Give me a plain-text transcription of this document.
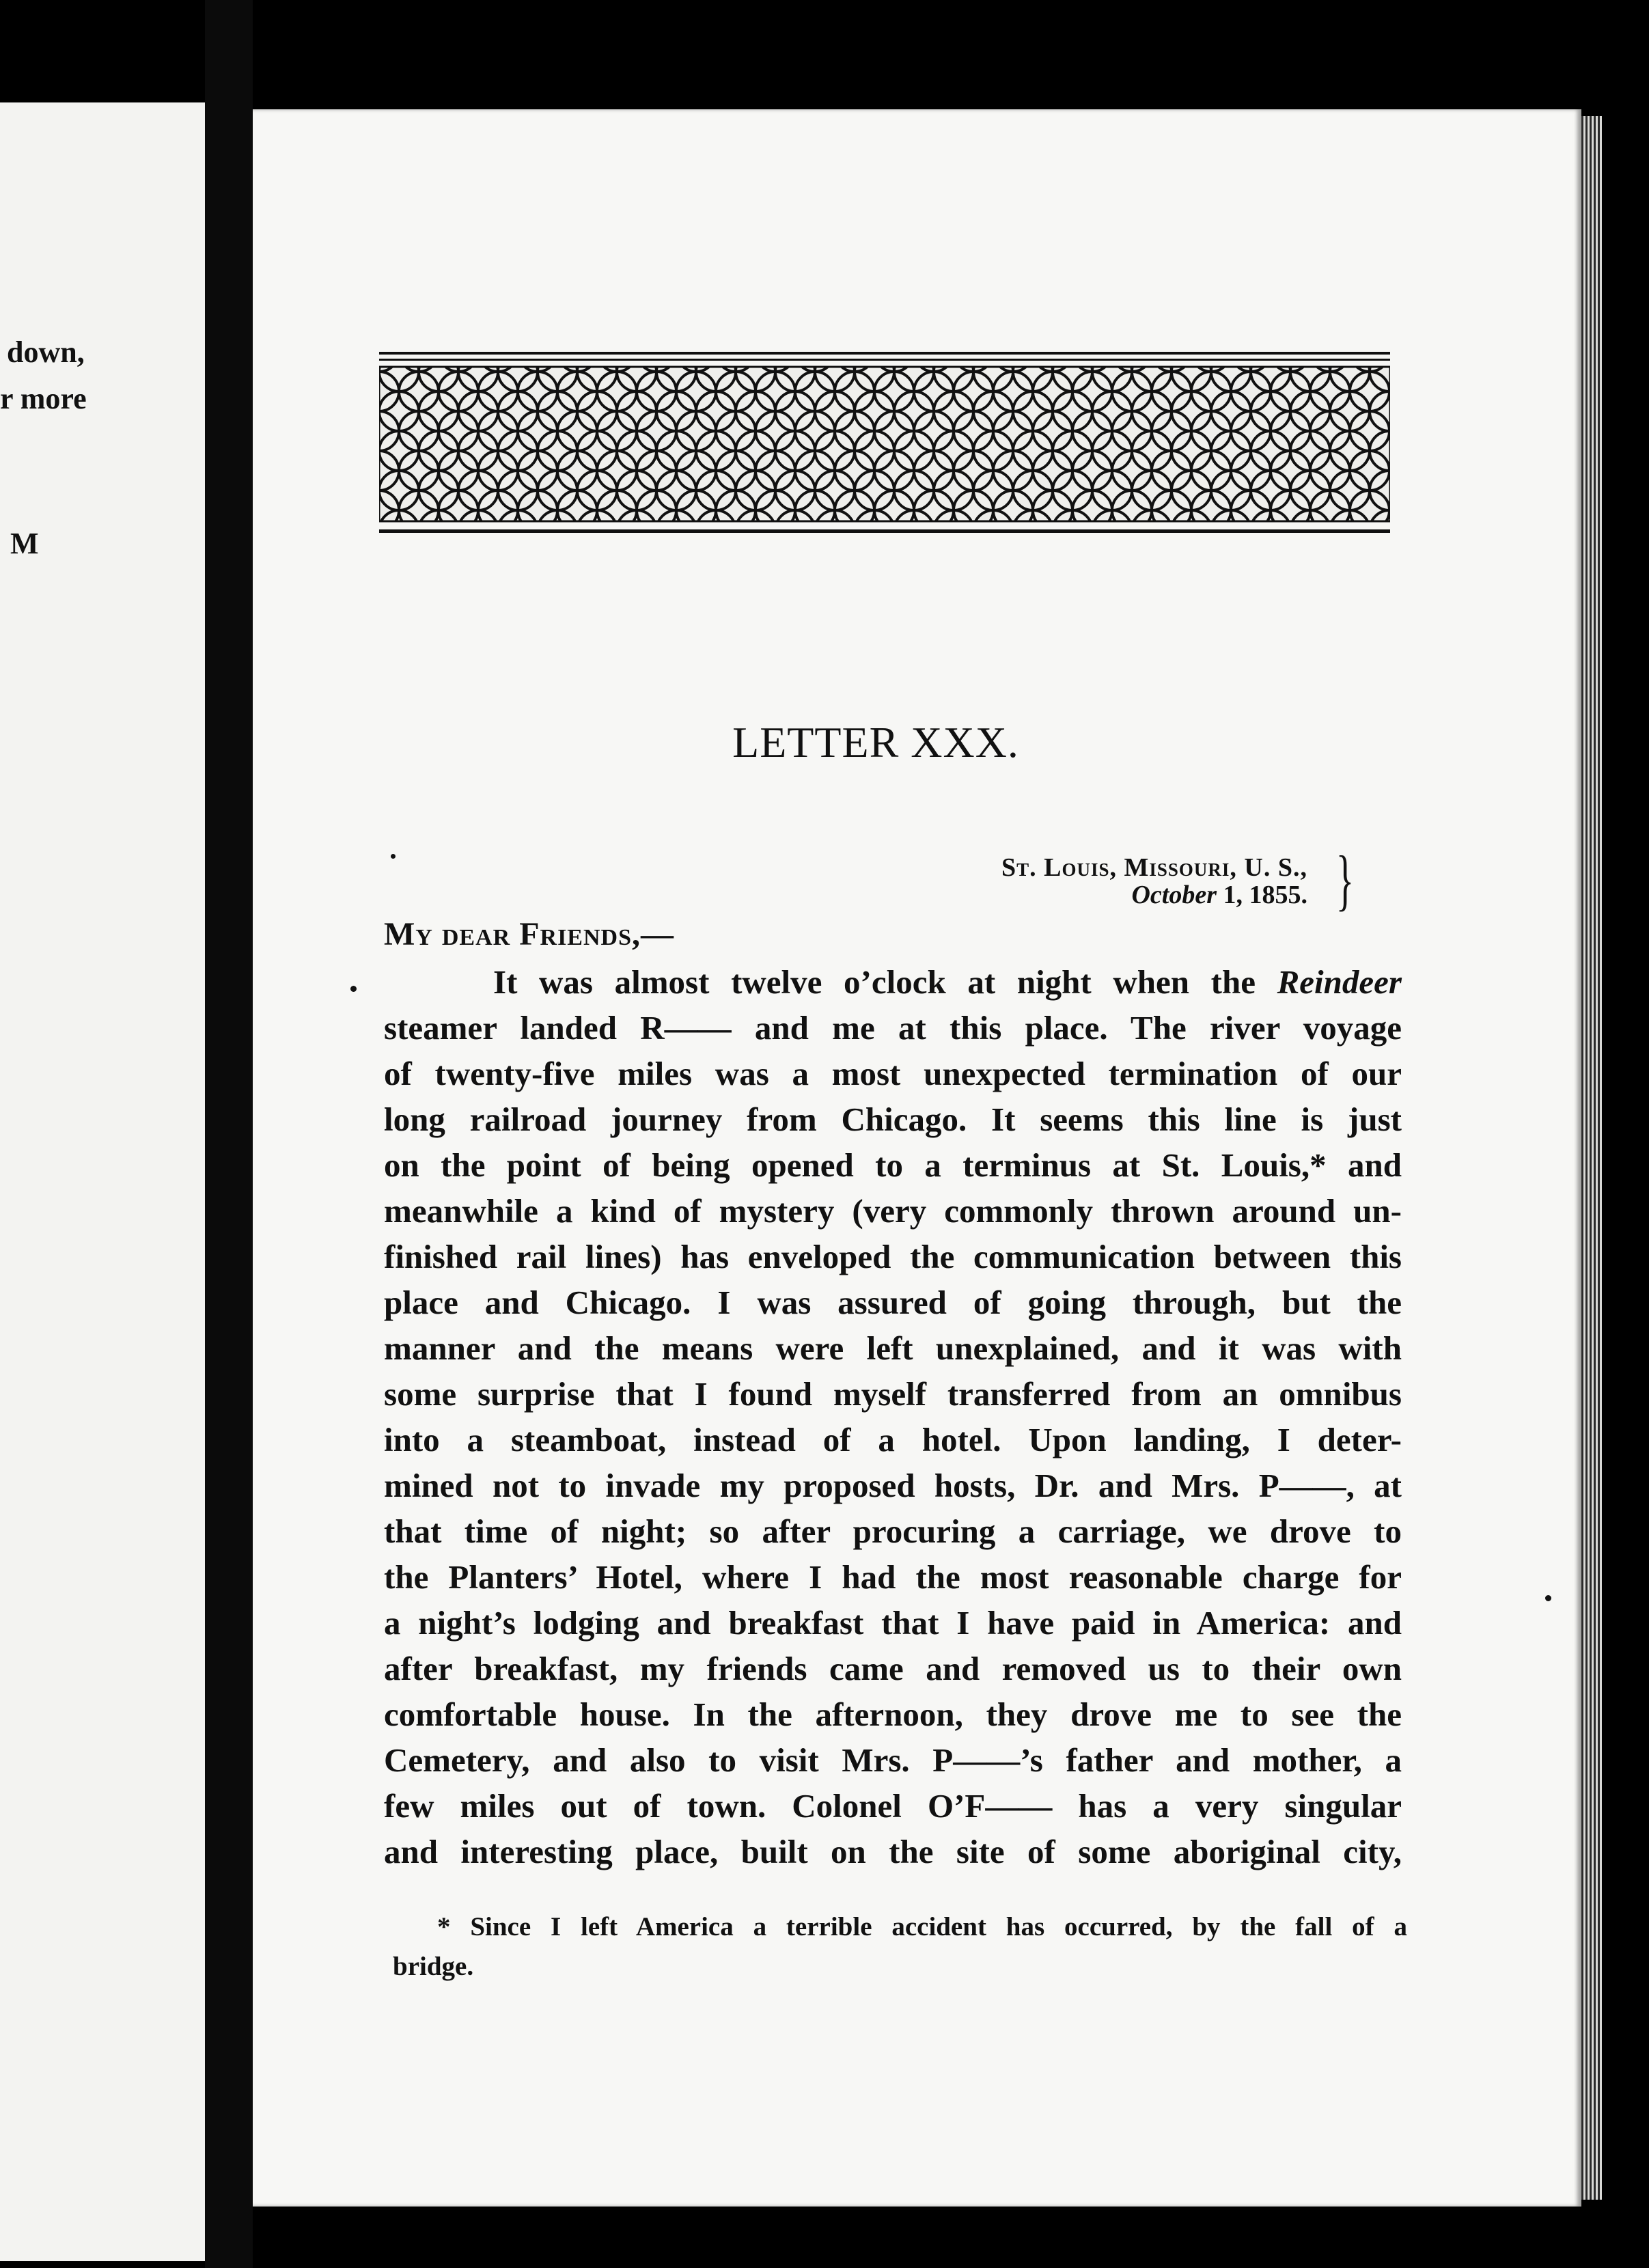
down,
r more
M
LETTER XXX.
St. Louis, Missouri, U. S.,
October 1, 1855. }
My dear Friends,—
It was almost twelve o’clock at night when the Reindeer
steamer landed R—— and me at this place. The river voyage
of twenty-five miles was a most unexpected termination of our
long railroad journey from Chicago. It seems this line is just
on the point of being opened to a terminus at St. Louis,* and
meanwhile a kind of mystery (very commonly thrown around un-
finished rail lines) has enveloped the communication between this
place and Chicago. I was assured of going through, but the
manner and the means were left unexplained, and it was with
some surprise that I found myself transferred from an omnibus
into a steamboat, instead of a hotel. Upon landing, I deter-
mined not to invade my proposed hosts, Dr. and Mrs. P——, at
that time of night; so after procuring a carriage, we drove to
the Planters’ Hotel, where I had the most reasonable charge for
a night’s lodging and breakfast that I have paid in America: and
after breakfast, my friends came and removed us to their own
comfortable house. In the afternoon, they drove me to see the
Cemetery, and also to visit Mrs. P——’s father and mother, a
few miles out of town. Colonel O’F—— has a very singular
and interesting place, built on the site of some aboriginal city,
* Since I left America a terrible accident has occurred, by the fall of a
bridge.
